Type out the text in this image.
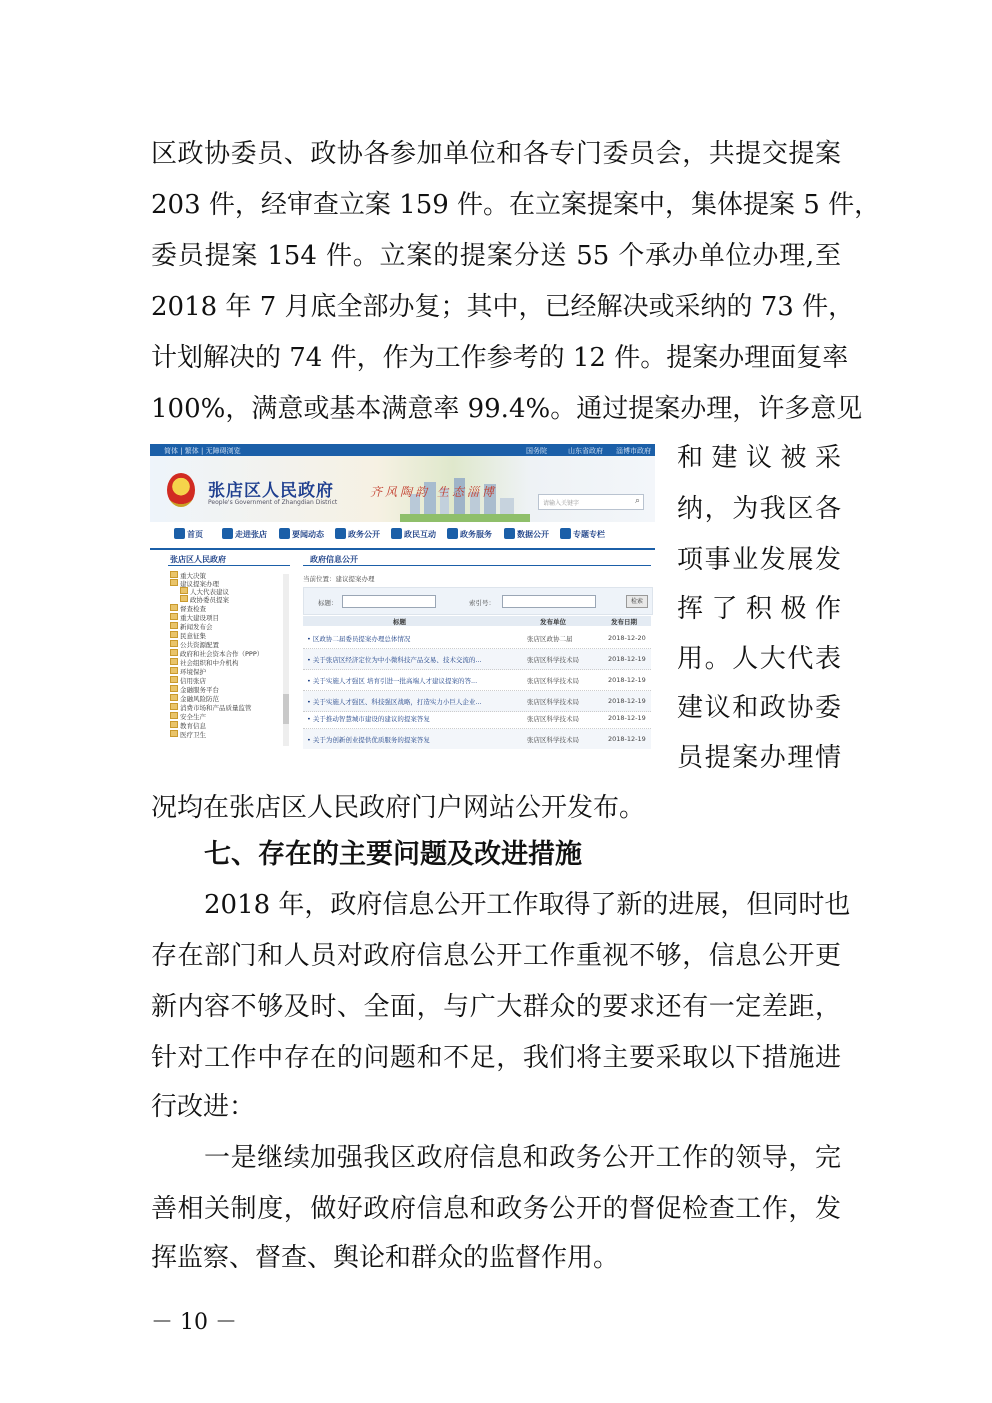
区政协委员、政协各参加单位和各专门委员会，共提交提案
203 件，经审查立案 159 件。在立案提案中，集体提案 5 件，
委员提案 154 件。立案的提案分送 55 个承办单位办理,至
2018 年 7 月底全部办复；其中，已经解决或采纳的 73 件，
计划解决的 74 件，作为工作参考的 12 件。提案办理面复率
100%，满意或基本满意率 99.4%。通过提案办理，许多意见
和 建 议 被 采
纳，为我区各
项事业发展发
挥 了 积 极 作
用。人大代表
建议和政协委
员提案办理情
况均在张店区人民政府门户网站公开发布。
简体 | 繁体 | 无障碍浏览	国务院	山东省政府 淄博市政府
张店区人民政府
People's Government of Zhangdian District
齐风陶韵 生态淄博
请输入关键字	⌕
首页	走进张店	要闻动态	政务公开	政民互动	政务服务	数据公开	专题专栏
张店区人民政府	政府信息公开
重大决策
建议提案办理
人大代表建议
政协委员提案
督查检查
重大建设项目
新闻发布会
民意征集
公共资源配置
政府和社会资本合作（PPP）
社会组织和中介机构
环境保护
信用张店
金融服务平台
金融风险防范
消费市场和产品质量监管
安全生产
教育信息
医疗卫生
当前位置：建议提案办理
标题：	索引号：	检索
标题	发布单位	发布日期
• 区政协二届委员提案办理总体情况	张店区政协二届	2018-12-20
• 关于张店区经济定位为中小微科技产品交易、技术交流的...	张店区科学技术局	2018-12-19
• 关于实施人才强区 培育引进一批高端人才建议提案的答...	张店区科学技术局	2018-12-19
• 关于实施人才强区、科技强区战略，打造实力小巨人企业...	张店区科学技术局	2018-12-19
• 关于推动智慧城市建设的建议的提案答复	张店区科学技术局	2018-12-19
• 关于为创新创业提供优质服务的提案答复	张店区科学技术局	2018-12-19
七、存在的主要问题及改进措施
2018 年，政府信息公开工作取得了新的进展，但同时也
存在部门和人员对政府信息公开工作重视不够，信息公开更
新内容不够及时、全面，与广大群众的要求还有一定差距，
针对工作中存在的问题和不足，我们将主要采取以下措施进
行改进：
一是继续加强我区政府信息和政务公开工作的领导，完
善相关制度，做好政府信息和政务公开的督促检查工作，发
挥监察、督查、舆论和群众的监督作用。
－ 10 －
